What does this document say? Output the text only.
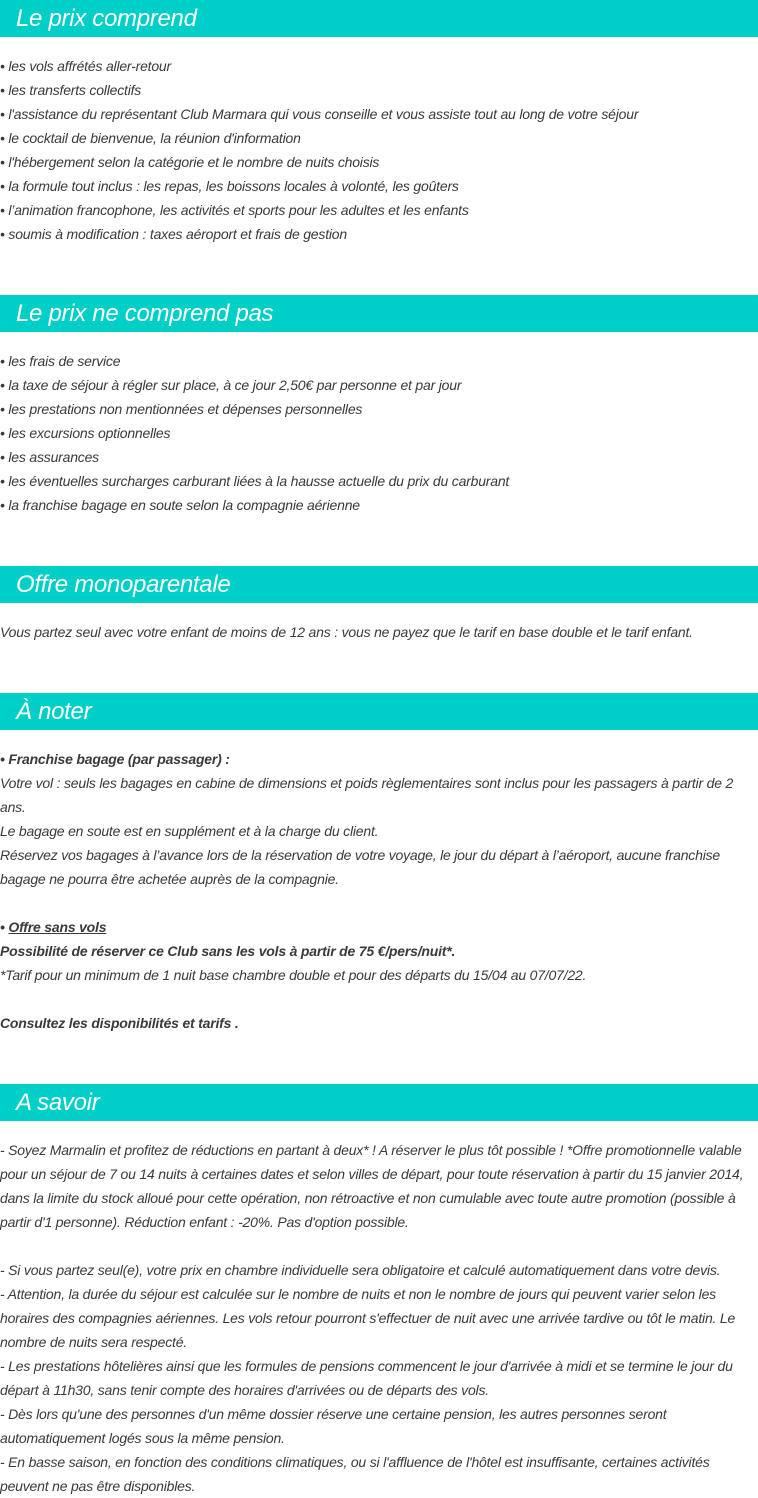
Le prix comprend
• les vols affrétés aller-retour
• les transferts collectifs
• l'assistance du représentant Club Marmara qui vous conseille et vous assiste tout au long de votre séjour
• le cocktail de bienvenue, la réunion d'information
• l'hébergement selon la catégorie et le nombre de nuits choisis
• la formule tout inclus : les repas, les boissons locales à volonté, les goûters
• l’animation francophone, les activités et sports pour les adultes et les enfants
• soumis à modification : taxes aéroport et frais de gestion
Le prix ne comprend pas
• les frais de service
• la taxe de séjour à régler sur place, à ce jour 2,50€ par personne et par jour
• les prestations non mentionnées et dépenses personnelles
• les excursions optionnelles
• les assurances
• les éventuelles surcharges carburant liées à la hausse actuelle du prix du carburant
• la franchise bagage en soute selon la compagnie aérienne
Offre monoparentale
Vous partez seul avec votre enfant de moins de 12 ans : vous ne payez que le tarif en base double et le tarif enfant.
À noter
• Franchise bagage (par passager) :
Votre vol : seuls les bagages en cabine de dimensions et poids règlementaires sont inclus pour les passagers à partir de 2 ans.
Le bagage en soute est en supplément et à la charge du client.
Réservez vos bagages à l’avance lors de la réservation de votre voyage, le jour du départ à l’aéroport, aucune franchise bagage ne pourra être achetée auprès de la compagnie.
• Offre sans vols
Possibilité de réserver ce Club sans les vols à partir de 75 €/pers/nuit*.
*Tarif pour un minimum de 1 nuit base chambre double et pour des départs du 15/04 au 07/07/22.
Consultez les disponibilités et tarifs .
A savoir
- Soyez Marmalin et profitez de réductions en partant à deux* ! A réserver le plus tôt possible ! *Offre promotionnelle valable pour un séjour de 7 ou 14 nuits à certaines dates et selon villes de départ, pour toute réservation à partir du 15 janvier 2014, dans la limite du stock alloué pour cette opération, non rétroactive et non cumulable avec toute autre promotion (possible à partir d'1 personne). Réduction enfant : -20%. Pas d'option possible.
- Si vous partez seul(e), votre prix en chambre individuelle sera obligatoire et calculé automatiquement dans votre devis.
- Attention, la durée du séjour est calculée sur le nombre de nuits et non le nombre de jours qui peuvent varier selon les horaires des compagnies aériennes. Les vols retour pourront s'effectuer de nuit avec une arrivée tardive ou tôt le matin. Le nombre de nuits sera respecté.
- Les prestations hôtelières ainsi que les formules de pensions commencent le jour d'arrivée à midi et se termine le jour du départ à 11h30, sans tenir compte des horaires d'arrivées ou de départs des vols.
- Dès lors qu'une des personnes d'un même dossier réserve une certaine pension, les autres personnes seront automatiquement logés sous la même pension.
- En basse saison, en fonction des conditions climatiques, ou si l'affluence de l'hôtel est insuffisante, certaines activités peuvent ne pas être disponibles.
